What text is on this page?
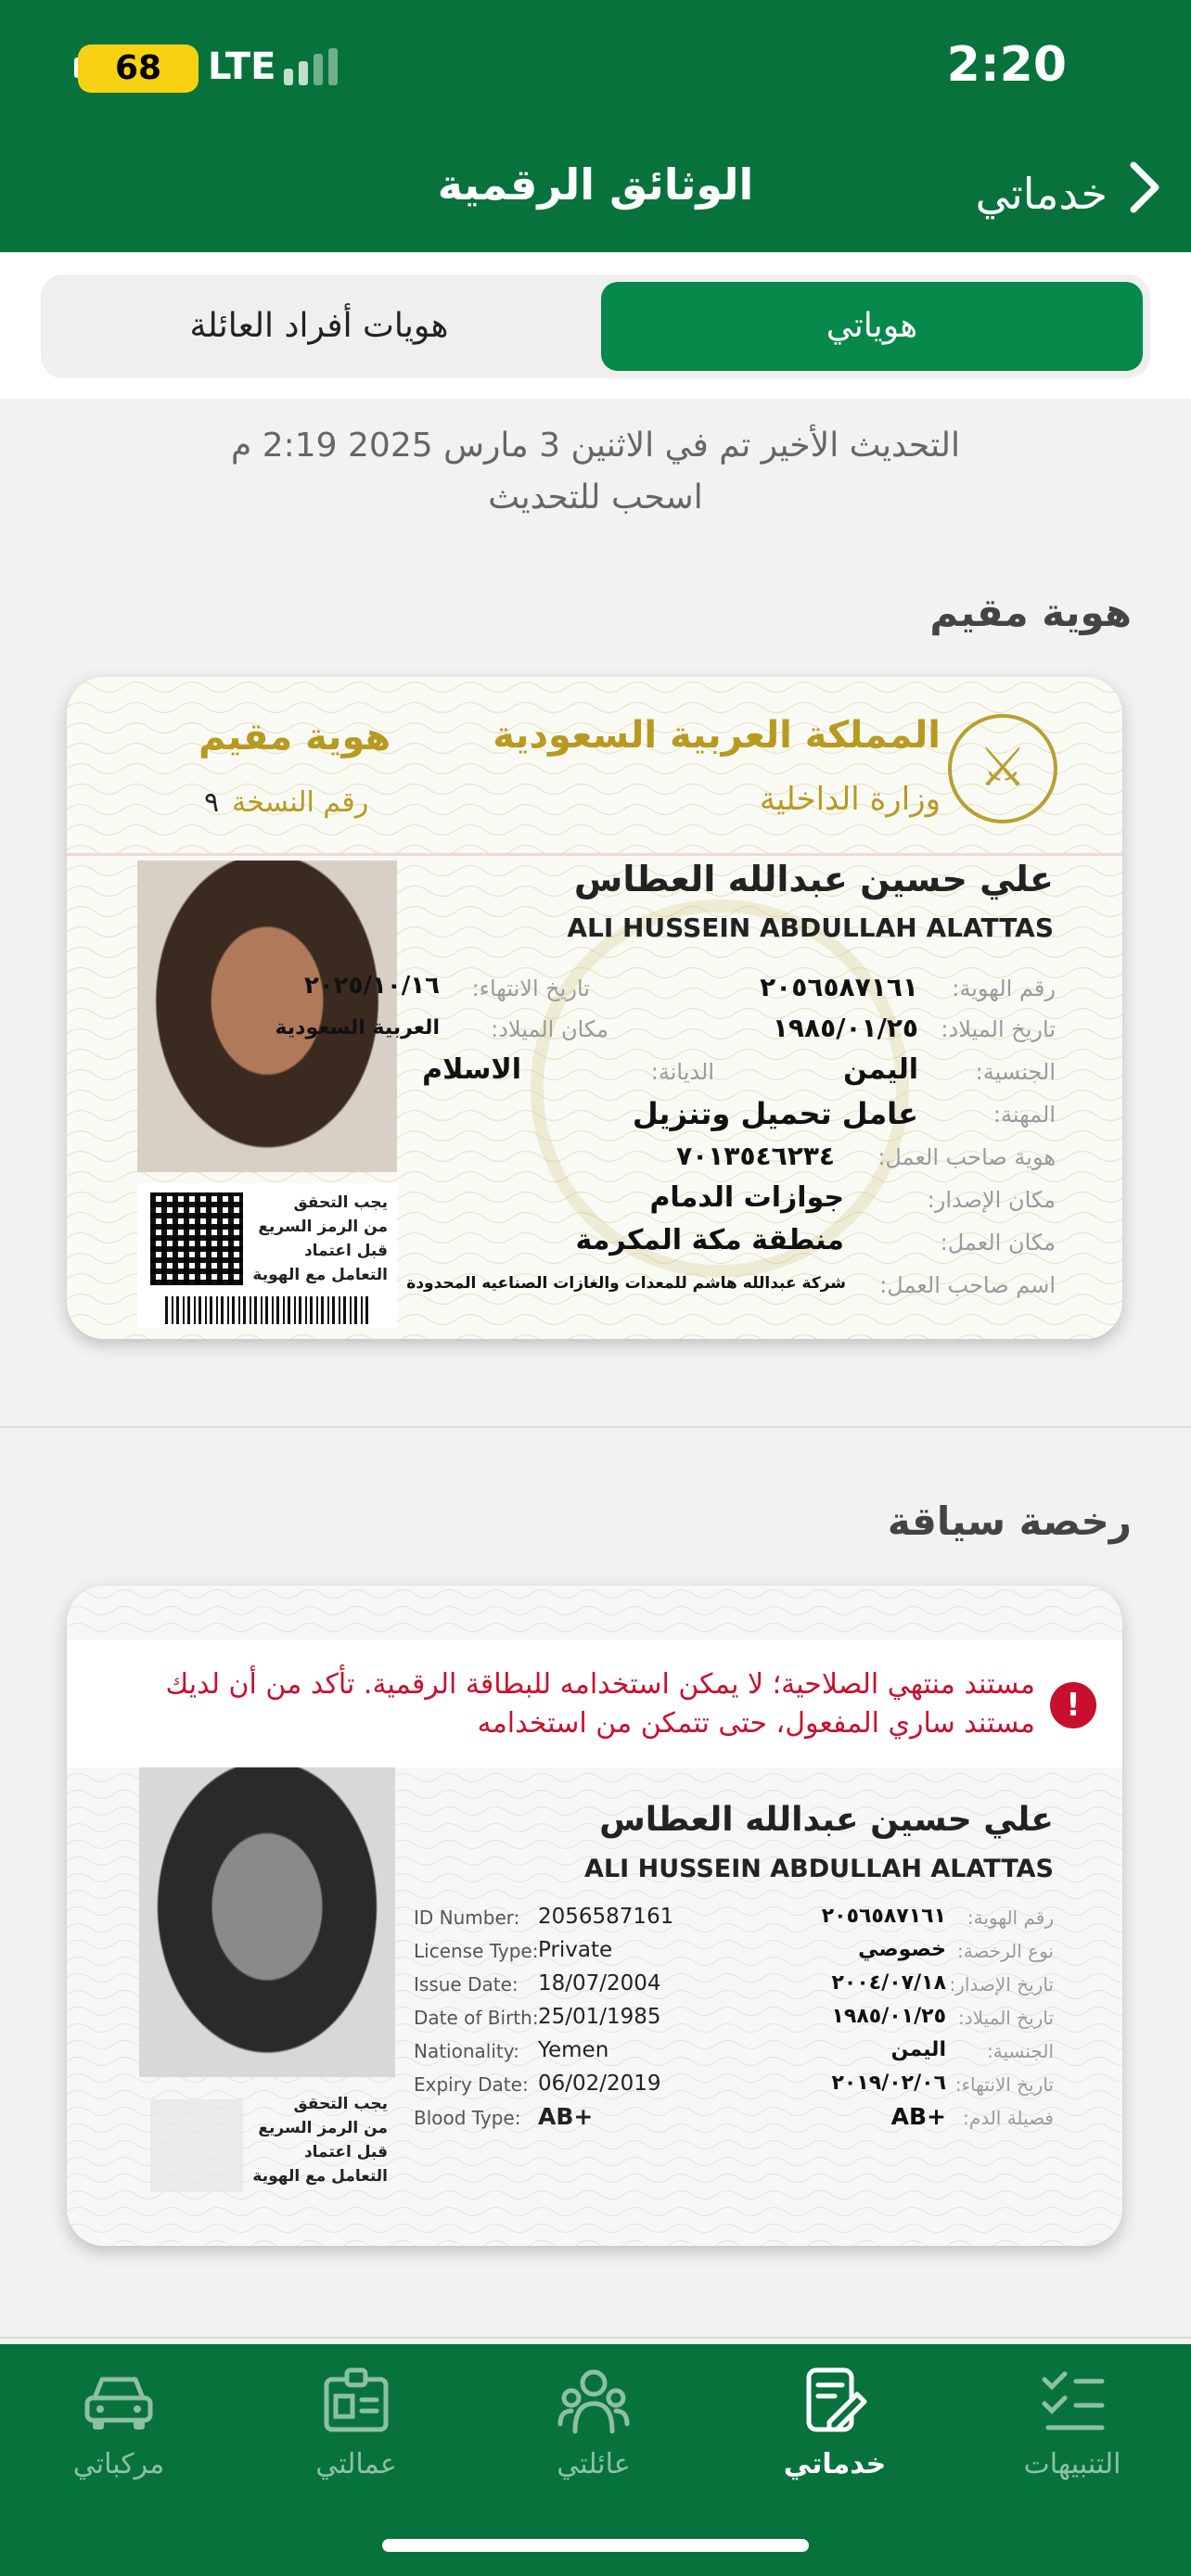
68	LTE	2:20
الوثائق الرقمية	خدماتي
هوياتي
هويات أفراد العائلة
التحديث الأخير تم في الاثنين 3 مارس 2025 2:19 م
اسحب للتحديث
هوية مقيم
⚔
المملكة العربية السعودية
وزارة الداخلية
هوية مقيم
رقم النسخة
٩
يجب التحقق
من الرمز السريع
قبل اعتماد
التعامل مع الهوية
علي حسين عبدالله العطاس
ALI HUSSEIN ABDULLAH ALATTAS
رقم الهوية:
٢٠٥٦٥٨٧١٦١
تاريخ الانتهاء:
٢٠٢٥/١٠/١٦
تاريخ الميلاد:
١٩٨٥/٠١/٢٥
مكان الميلاد:
العربية السعودية
الجنسية:
اليمن
الديانة:
الاسلام
المهنة:
عامل تحميل وتنزيل
هوية صاحب العمل:
٧٠١٣٥٤٦٢٣٤
مكان الإصدار:
جوازات الدمام
مكان العمل:
منطقة مكة المكرمة
اسم صاحب العمل:
شركة عبدالله هاشم للمعدات والغازات الصناعيه المحدودة
رخصة سياقة
!
مستند منتهي الصلاحية؛ لا يمكن استخدامه للبطاقة الرقمية. تأكد من أن لديك
مستند ساري المفعول، حتى تتمكن من استخدامه
يجب التحقق
من الرمز السريع
قبل اعتماد
التعامل مع الهوية
علي حسين عبدالله العطاس
ALI HUSSEIN ABDULLAH ALATTAS
ID Number: 2056587161	رقم الهوية:
٢٠٥٦٥٨٧١٦١
License Type: Private	نوع الرخصة:
خصوصي
Issue Date: 18/07/2004	تاريخ الإصدار:
٢٠٠٤/٠٧/١٨
Date of Birth: 25/01/1985	تاريخ الميلاد:
١٩٨٥/٠١/٢٥
Nationality: Yemen	الجنسية:
اليمن
Expiry Date: 06/02/2019	تاريخ الانتهاء:
٢٠١٩/٠٢/٠٦
Blood Type: AB+	فصيلة الدم:
AB+
التنبيهات
خدماتي
عائلتي
عمالتي
مركباتي
